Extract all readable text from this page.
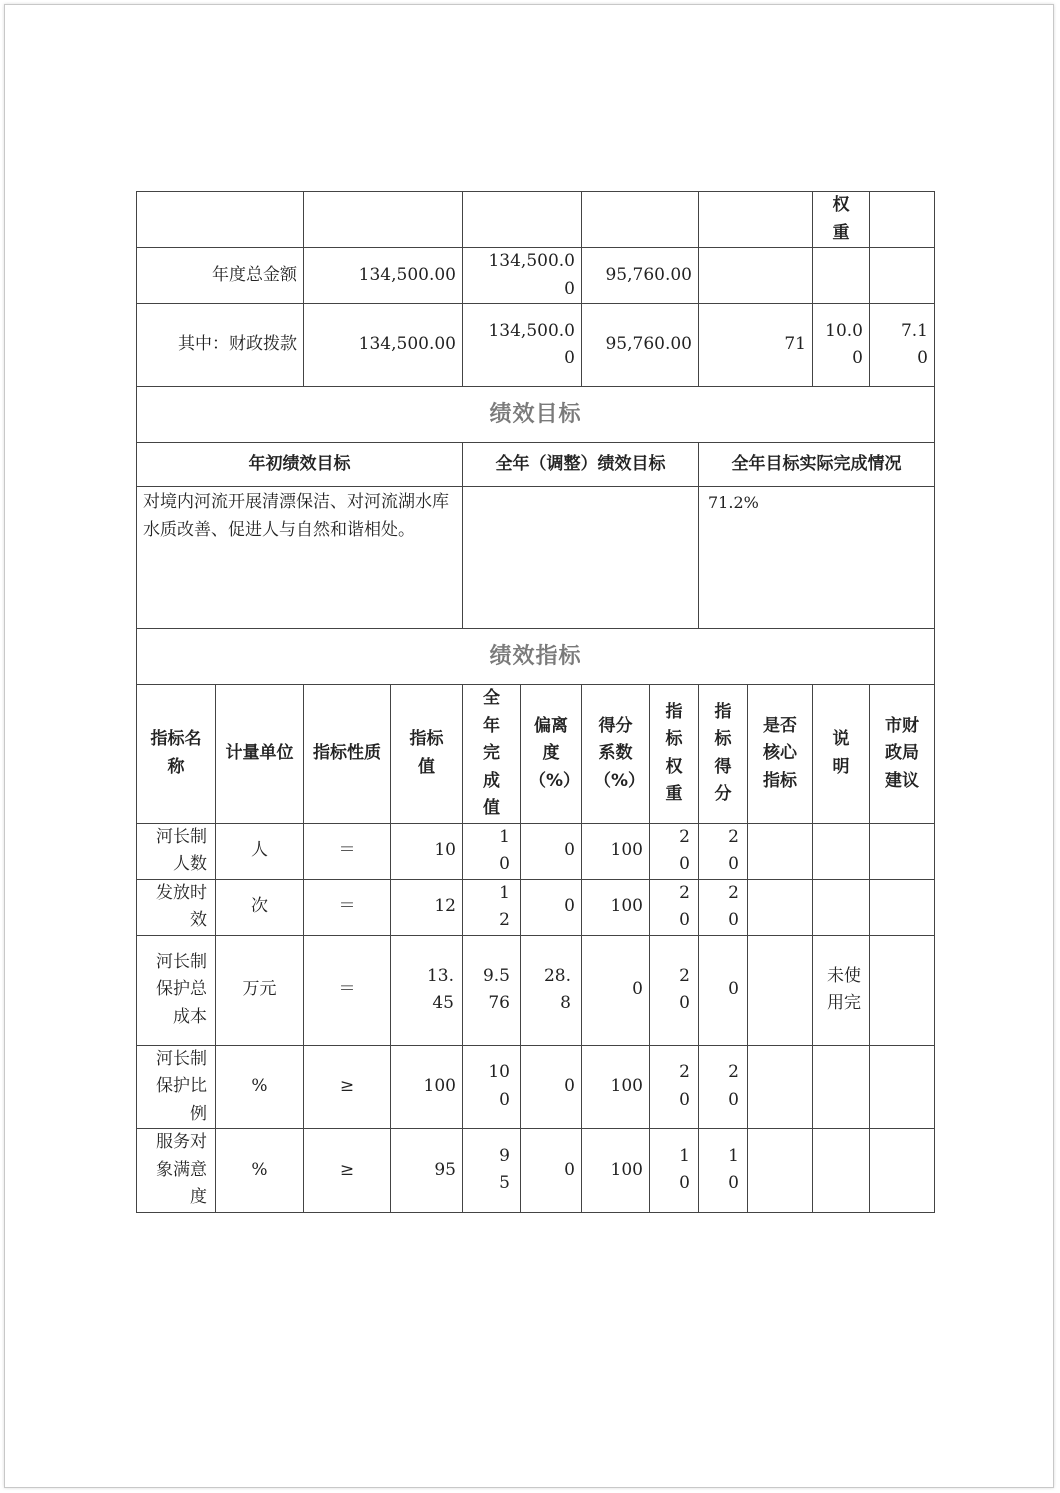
										权重	
年度总金额		134,500.00		134,500.00		95,760.00					
其中：财政拨款		134,500.00		134,500.00		95,760.00		71		10.00	7.10
绩效目标											
年初绩效目标				全年（调整）绩效目标				全年目标实际完成情况			
对境内河流开展清漂保洁、对河流湖水库水质改善、促进人与自然和谐相处。								71.2%			
绩效指标											
指标名称	计量单位	指标性质	指标值	全年完成值	偏离度（%）	得分系数（%）	指标权重	指标得分	是否核心指标	说明	市财政局建议
河长制人数	人	＝	10	10	0	100	20	20			
发放时效	次	＝	12	12	0	100	20	20			
河长制保护总成本	万元	＝	13.45	9.576	28.8	0	20	0		未使用完	
河长制保护比例	%	≥	100	100	0	100	20	20			
服务对象满意度	%	≥	95	95	0	100	10	10			
